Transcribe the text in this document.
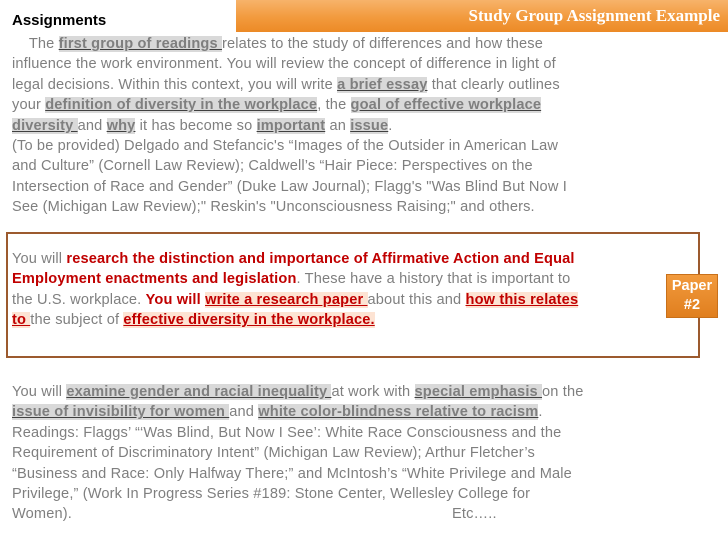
Study Group Assignment Example
Assignments
The first group of readings relates to the study of differences and how these
influence the work environment. You will review the concept of difference in light of
legal decisions. Within this context, you will write a brief essay that clearly outlines
your definition of diversity in the workplace, the goal of effective workplace
diversity and why it has become so important an issue.
(To be provided) Delgado and Stefancic's “Images of the Outsider in American Law
and Culture” (Cornell Law Review); Caldwell’s “Hair Piece: Perspectives on the
Intersection of Race and Gender” (Duke Law Journal); Flagg's "Was Blind But Now I
See (Michigan Law Review);" Reskin's "Unconsciousness Raising;" and others.
You will research the distinction and importance of Affirmative Action and Equal
Employment enactments and legislation. These have a history that is important to
the U.S. workplace. You will write a research paper about this and how this relates
to the subject of effective diversity in the workplace.
Paper
#2
You will examine gender and racial inequality at work with special emphasis on the
issue of invisibility for women and white color-blindness relative to racism.
Readings: Flaggs’ “‘Was Blind, But Now I See’: White Race Consciousness and the
Requirement of Discriminatory Intent” (Michigan Law Review); Arthur Fletcher’s
“Business and Race: Only Halfway There;” and McIntosh’s “White Privilege and Male
Privilege,” (Work In Progress Series #189: Stone Center, Wellesley College for
Women).	Etc…..
